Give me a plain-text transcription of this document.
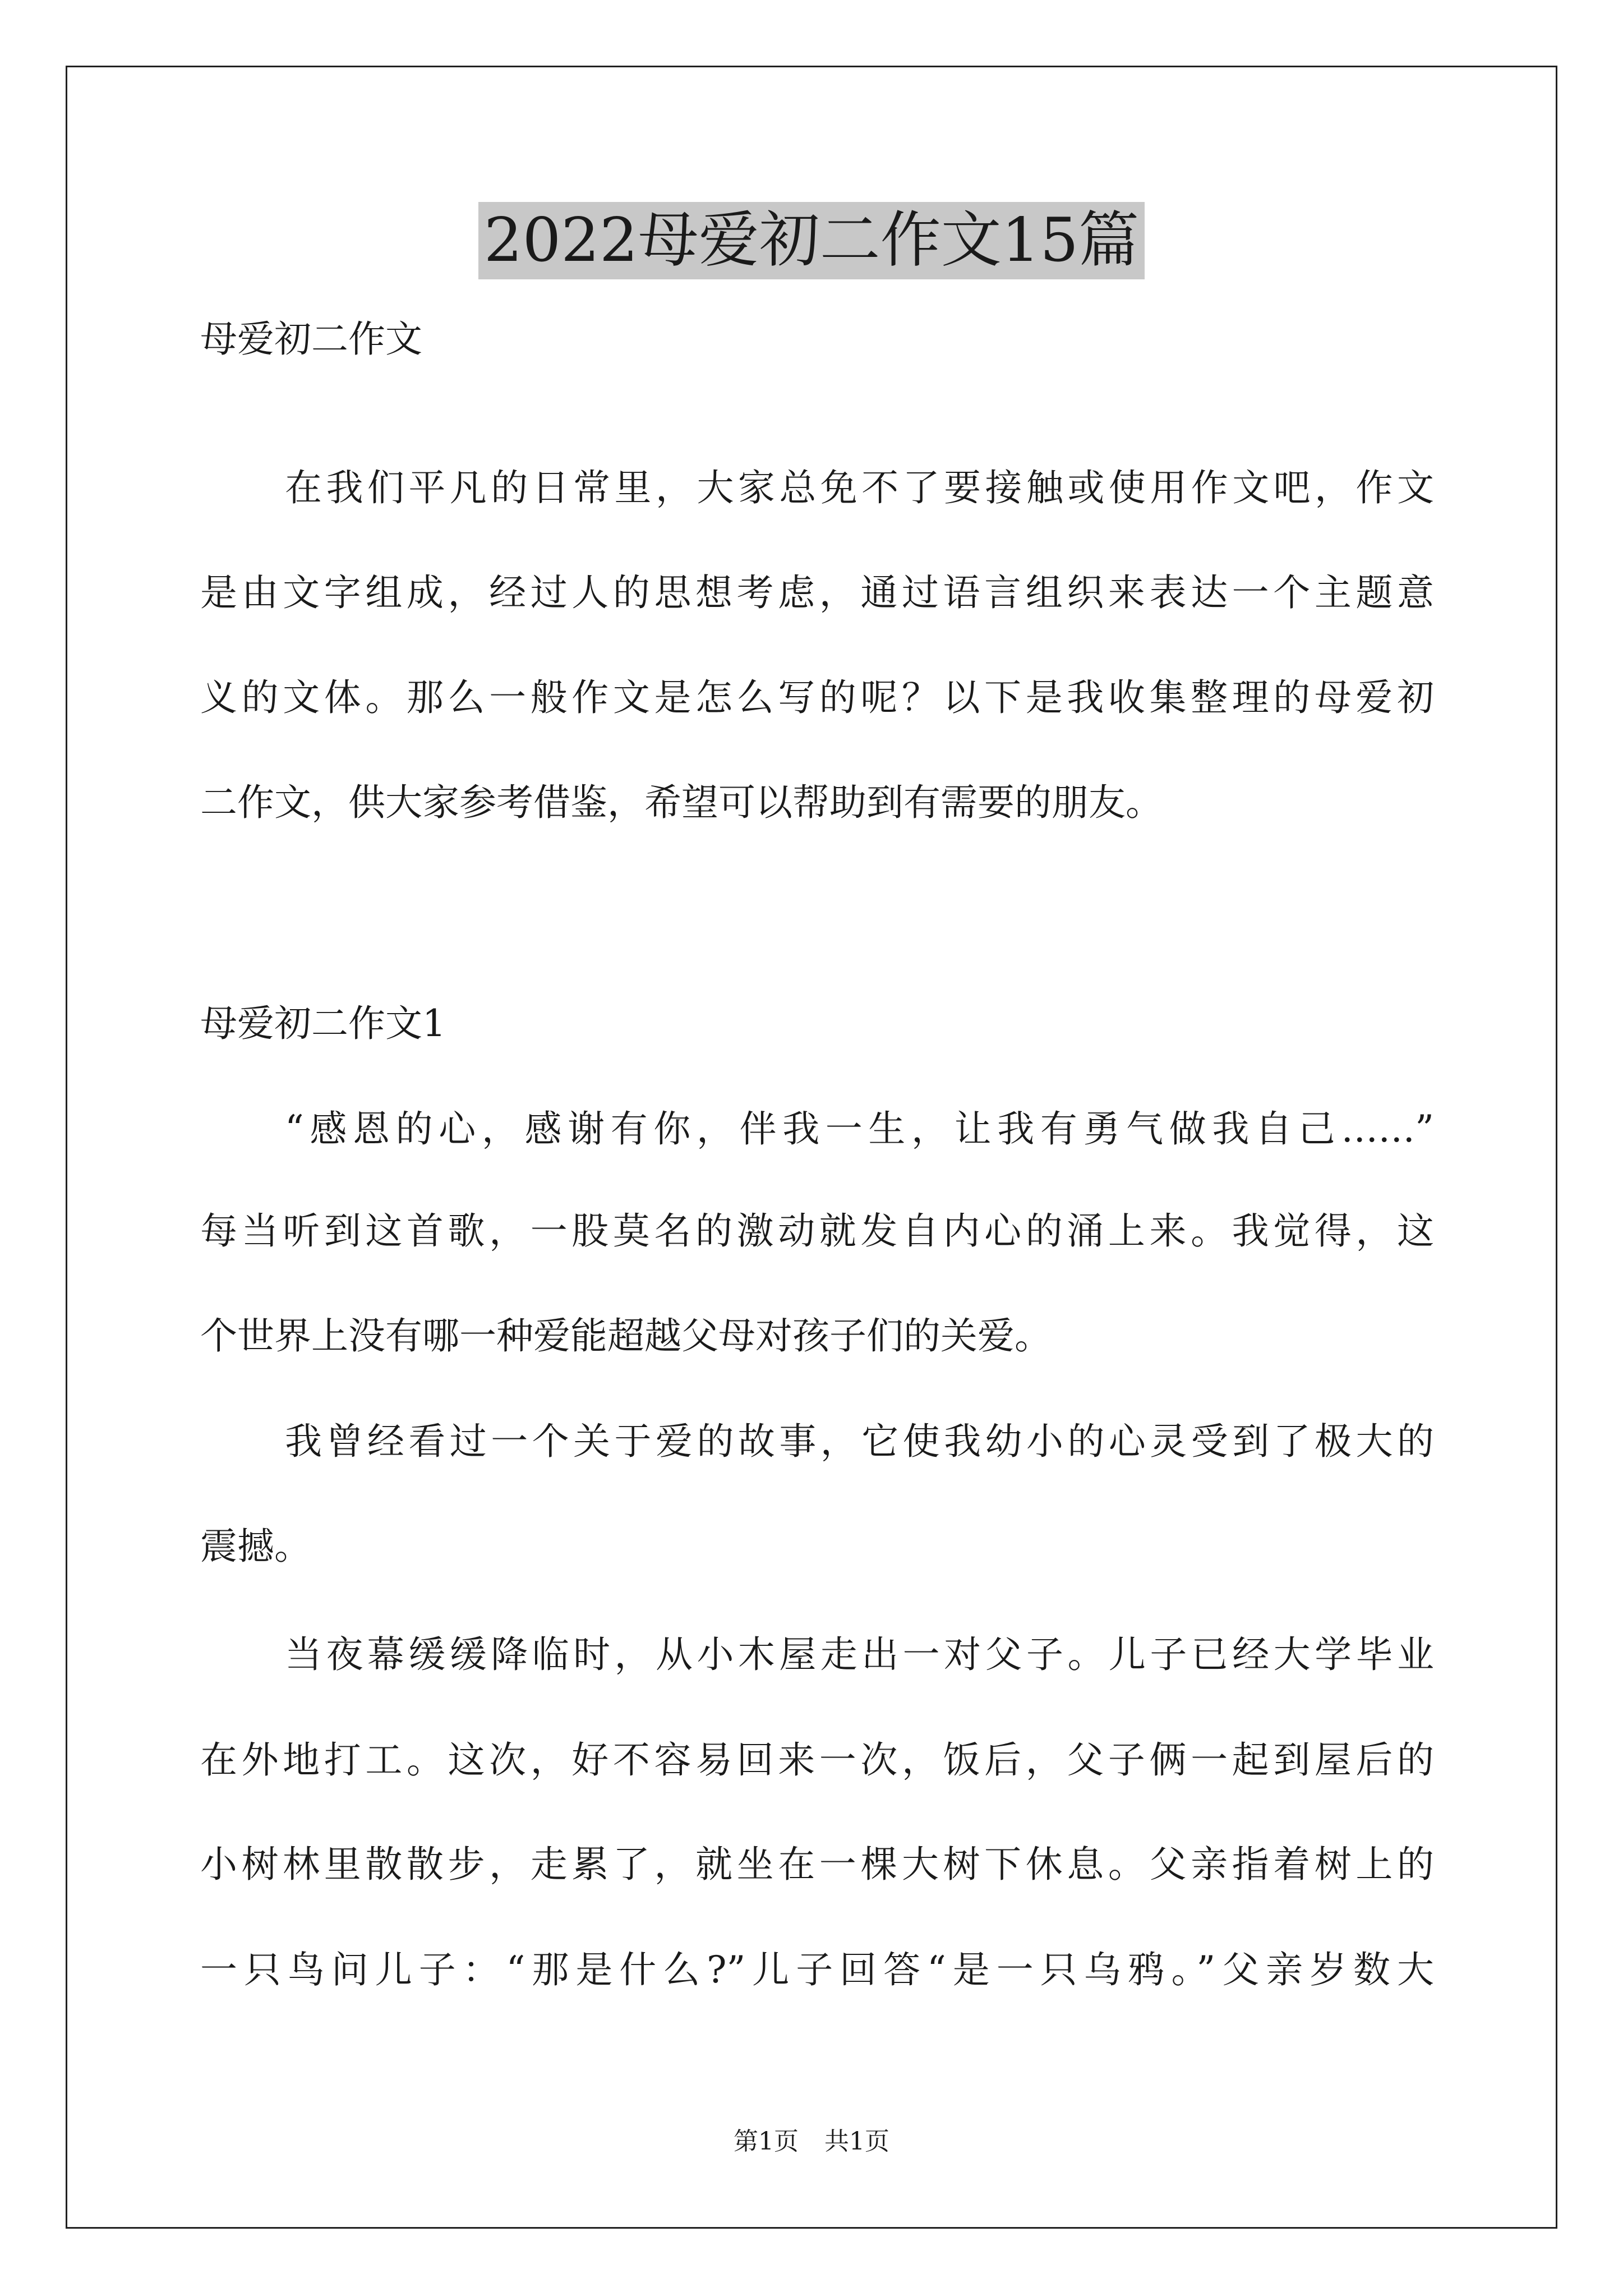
2022母爱初二作文15篇
母爱初二作文
在我们平凡的日常里，大家总免不了要接触或使用作文吧，作文
是由文字组成，经过人的思想考虑，通过语言组织来表达一个主题意
义的文体。那么一般作文是怎么写的呢？以下是我收集整理的母爱初
二作文，供大家参考借鉴，希望可以帮助到有需要的朋友。
母爱初二作文1
“感恩的心，感谢有你，伴我一生，让我有勇气做我自己……”
每当听到这首歌，一股莫名的激动就发自内心的涌上来。我觉得，这
个世界上没有哪一种爱能超越父母对孩子们的关爱。
我曾经看过一个关于爱的故事，它使我幼小的心灵受到了极大的
震撼。
当夜幕缓缓降临时，从小木屋走出一对父子。儿子已经大学毕业
在外地打工。这次，好不容易回来一次，饭后，父子俩一起到屋后的
小树林里散散步，走累了，就坐在一棵大树下休息。父亲指着树上的
一只鸟问儿子：“那是什么?”儿子回答“是一只乌鸦。”父亲岁数大
第1页 共1页
